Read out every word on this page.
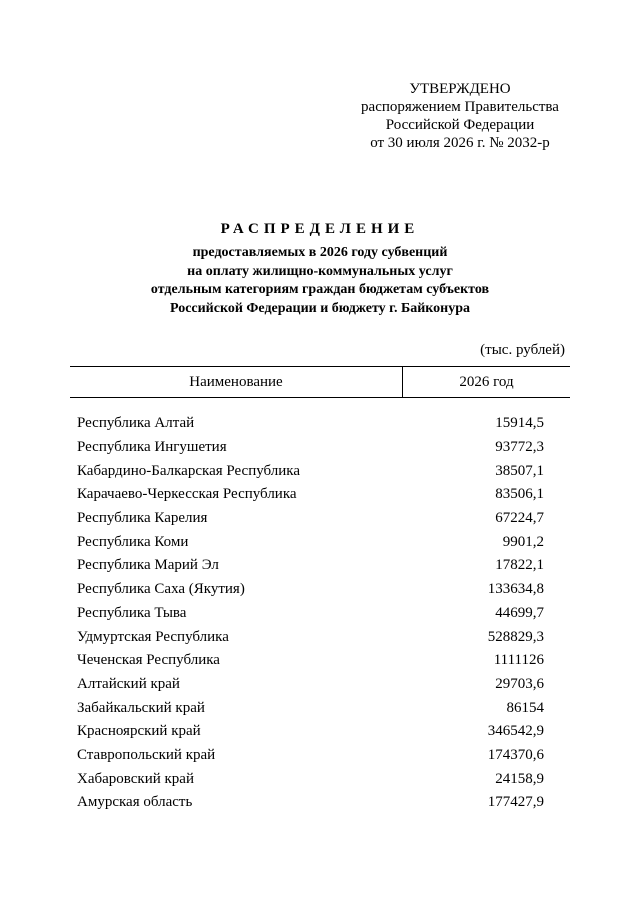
УТВЕРЖДЕНО
распоряжением Правительства
Российской Федерации
от 30 июля 2026 г. № 2032-р
РАСПРЕДЕЛЕНИЕ
предоставляемых в 2026 году субвенций
на оплату жилищно-коммунальных услуг
отдельным категориям граждан бюджетам субъектов
Российской Федерации и бюджету г. Байконура
(тыс. рублей)
Наименование	2026 год
Республика Алтай	15914,5
Республика Ингушетия	93772,3
Кабардино-Балкарская Республика	38507,1
Карачаево-Черкесская Республика	83506,1
Республика Карелия	67224,7
Республика Коми	9901,2
Республика Марий Эл	17822,1
Республика Саха (Якутия)	133634,8
Республика Тыва	44699,7
Удмуртская Республика	528829,3
Чеченская Республика	1111126
Алтайский край	29703,6
Забайкальский край	86154
Красноярский край	346542,9
Ставропольский край	174370,6
Хабаровский край	24158,9
Амурская область	177427,9
